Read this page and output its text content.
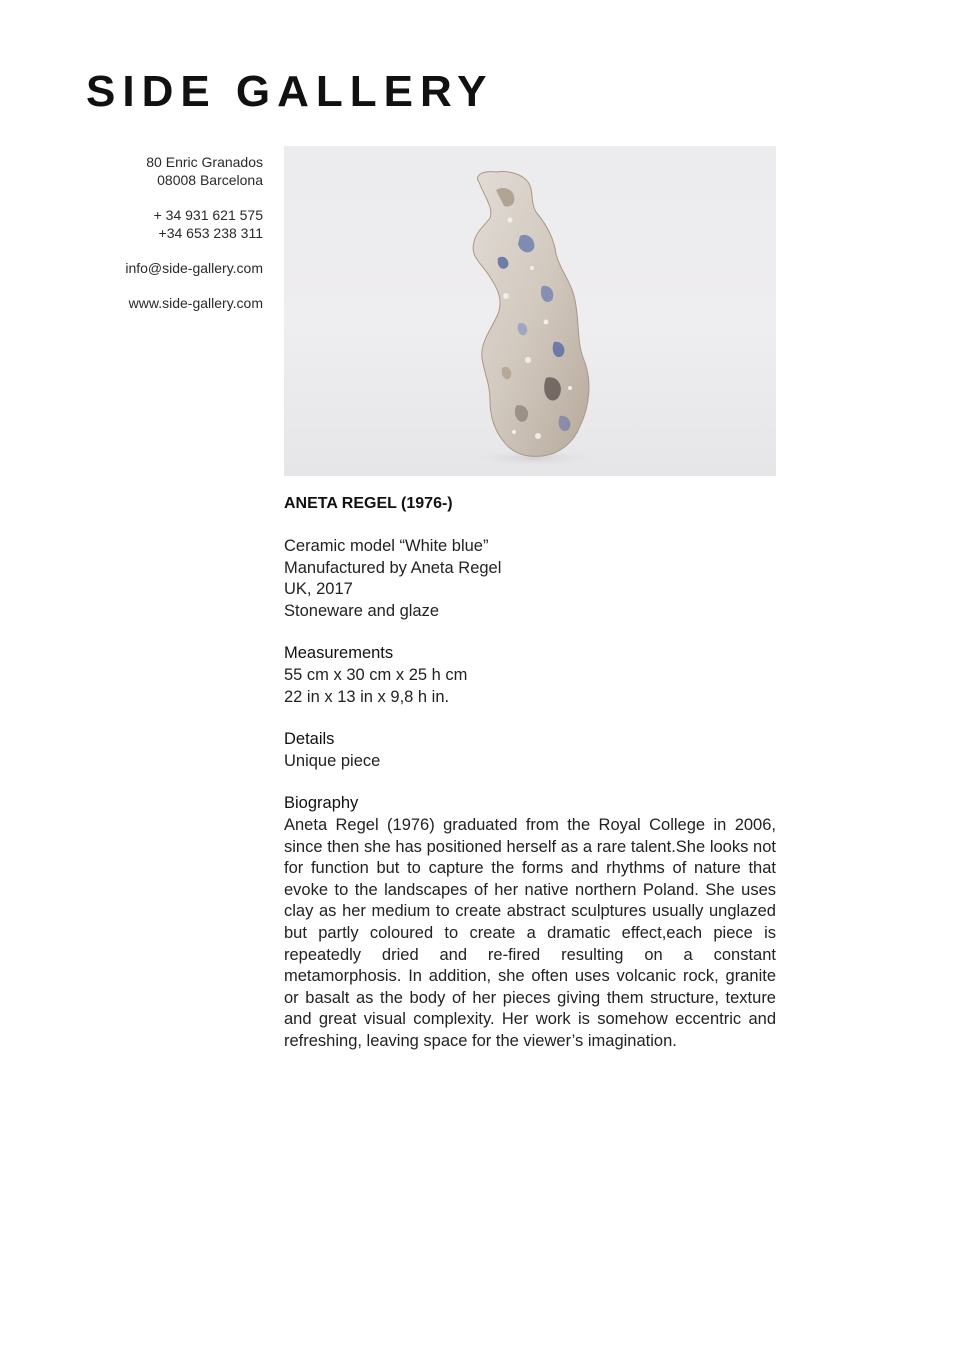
SIDE GALLERY
80 Enric Granados
08008 Barcelona
+ 34 931 621 575
+34 653 238 311
info@side-gallery.com
www.side-gallery.com
ANETA REGEL (1976-)
Ceramic model “White blue”
Manufactured by Aneta Regel
UK, 2017
Stoneware and glaze
Measurements
55 cm x 30 cm x 25 h cm
22 in x 13 in x 9,8 h in.
Details
Unique piece
Biography

Aneta Regel (1976) graduated from the Royal College in 2006, since then she has positioned herself as a rare talent.She looks not for function but to capture the forms and rhythms of nature that evoke to the landscapes of her native northern Poland. She uses clay as her medium to create abstract sculptures usually unglazed but partly coloured to create a dramatic effect,each piece is repeatedly dried and re-fired resulting on a constant metamorphosis. In addition, she often uses volcanic rock, granite or basalt as the body of her pieces giving them structure, texture and great visual complexity. Her work is somehow eccentric and refreshing, leaving space for the viewer’s imagination.
